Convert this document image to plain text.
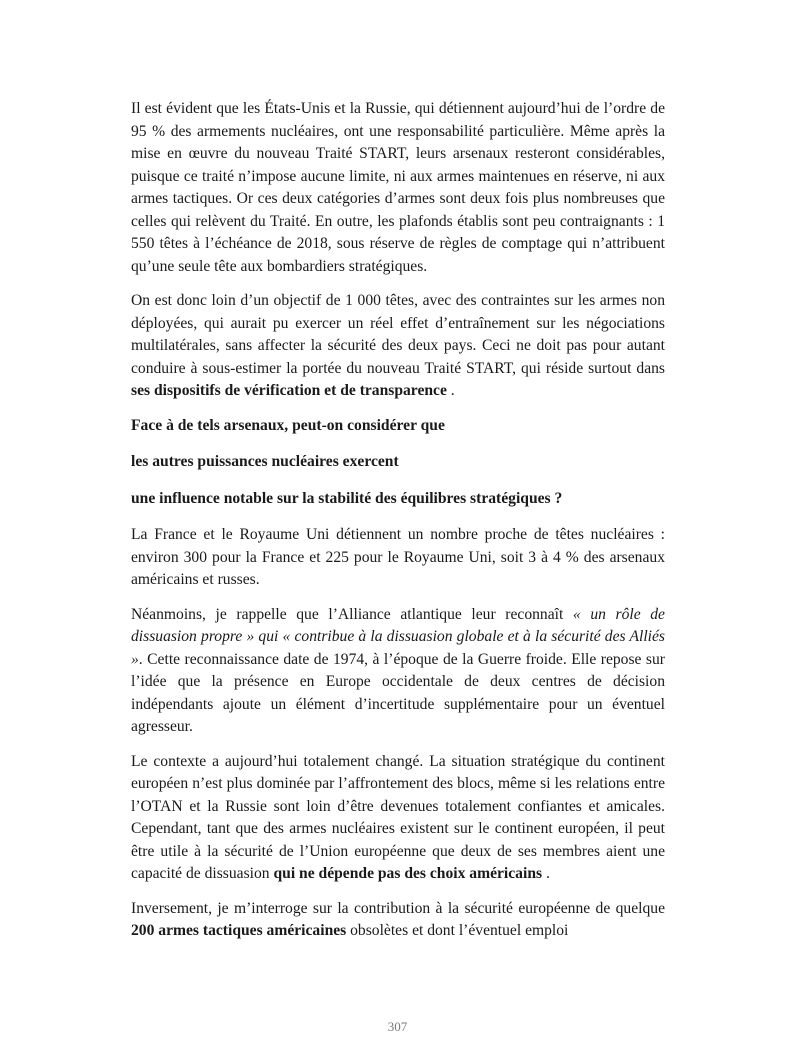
Il est évident que les États-Unis et la Russie, qui détiennent aujourd’hui de l’ordre de 95 % des armements nucléaires, ont une responsabilité particulière. Même après la mise en œuvre du nouveau Traité START, leurs arsenaux resteront considérables, puisque ce traité n’impose aucune limite, ni aux armes maintenues en réserve, ni aux armes tactiques. Or ces deux catégories d’armes sont deux fois plus nombreuses que celles qui relèvent du Traité. En outre, les plafonds établis sont peu contraignants : 1 550 têtes à l’échéance de 2018, sous réserve de règles de comptage qui n’attribuent qu’une seule tête aux bombardiers stratégiques.

On est donc loin d’un objectif de 1 000 têtes, avec des contraintes sur les armes non déployées, qui aurait pu exercer un réel effet d’entraînement sur les négociations multilatérales, sans affecter la sécurité des deux pays. Ceci ne doit pas pour autant conduire à sous-estimer la portée du nouveau Traité START, qui réside surtout dans ses dispositifs de vérification et de transparence .

Face à de tels arsenaux, peut-on considérer que

les autres puissances nucléaires exercent

une influence notable sur la stabilité des équilibres stratégiques ?

La France et le Royaume Uni détiennent un nombre proche de têtes nucléaires : environ 300 pour la France et 225 pour le Royaume Uni, soit 3 à 4 % des arsenaux américains et russes.

Néanmoins, je rappelle que l’Alliance atlantique leur reconnaît « un rôle de dissuasion propre » qui « contribue à la dissuasion globale et à la sécurité des Alliés ». Cette reconnaissance date de 1974, à l’époque de la Guerre froide. Elle repose sur l’idée que la présence en Europe occidentale de deux centres de décision indépendants ajoute un élément d’incertitude supplémentaire pour un éventuel agresseur.

Le contexte a aujourd’hui totalement changé. La situation stratégique du continent européen n’est plus dominée par l’affrontement des blocs, même si les relations entre l’OTAN et la Russie sont loin d’être devenues totalement confiantes et amicales. Cependant, tant que des armes nucléaires existent sur le continent européen, il peut être utile à la sécurité de l’Union européenne que deux de ses membres aient une capacité de dissuasion qui ne dépende pas des choix américains .

Inversement, je m’interroge sur la contribution à la sécurité européenne de quelque 200 armes tactiques américaines obsolètes et dont l’éventuel emploi

307
